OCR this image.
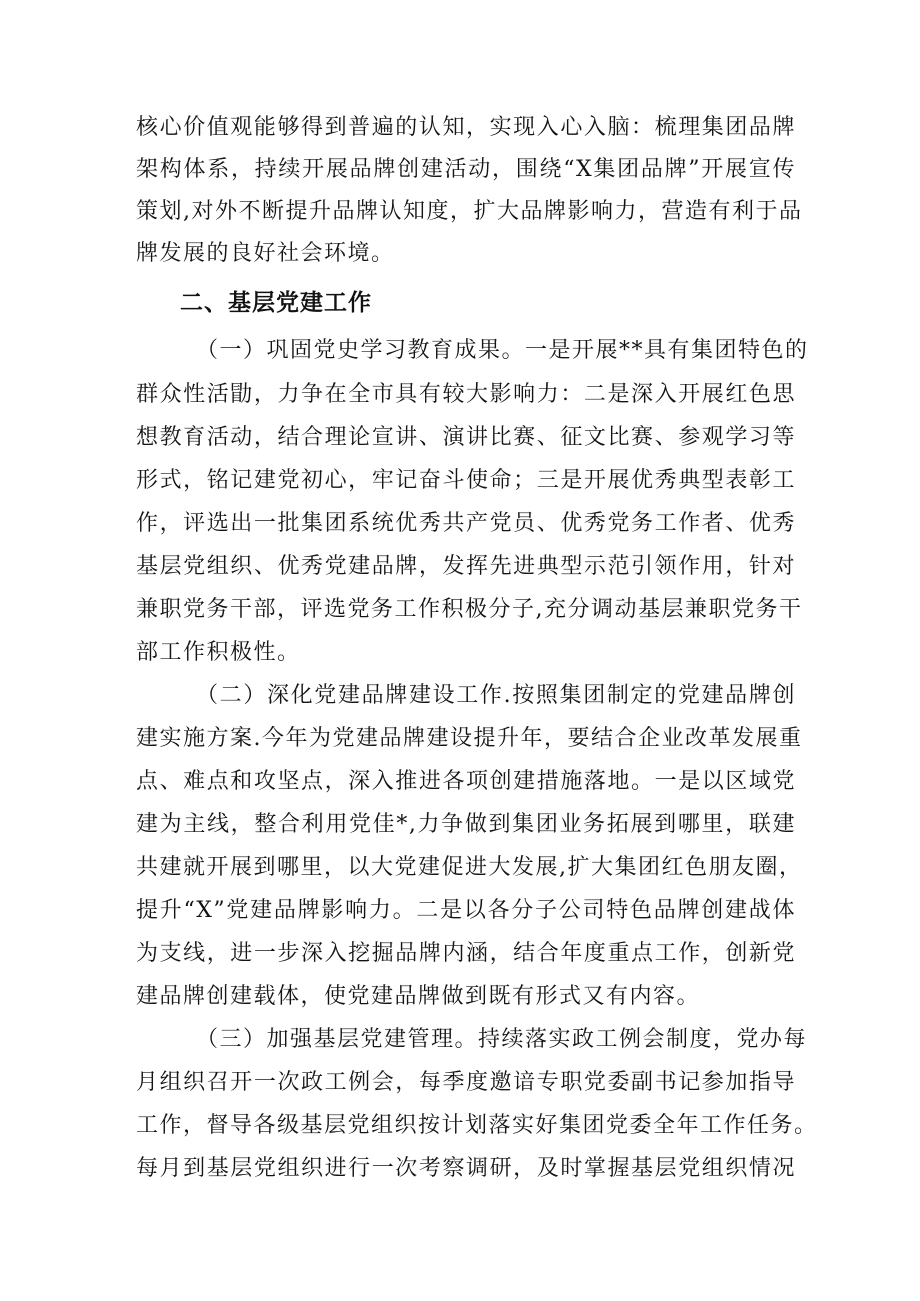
核心价值观能够得到普遍的认知，实现入心入脑：梳理集团品牌
架构体系，持续开展品牌创建活动，围绕“X集团品牌”开展宣传
策划,对外不断提升品牌认知度，扩大品牌影响力，营造有利于品
牌发展的良好社会环境。
二、基层党建工作
（一）巩固党史学习教育成果。一是开展**具有集团特色的
群众性活勖，力争在全市具有较大影响力：二是深入开展红色思
想教育活动，结合理论宣讲、演讲比赛、征文比赛、参观学习等
形式，铭记建党初心，牢记奋斗使命；三是开展优秀典型表彰工
作，评选出一批集团系统优秀共产党员、优秀党务工作者、优秀
基层党组织、优秀党建品牌，发挥先进典型示范引领作用，针对
兼职党务干部，评选党务工作积极分子,充分调动基层兼职党务干
部工作积极性。
（二）深化党建品牌建设工作.按照集团制定的党建品牌创
建实施方案.今年为党建品牌建设提升年，要结合企业改革发展重
点、难点和攻坚点，深入推进各项创建措施落地。一是以区域党
建为主线，整合利用党佳*,力争做到集团业务拓展到哪里，联建
共建就开展到哪里，以大党建促进大发展,扩大集团红色朋友圈，
提升“X”党建品牌影响力。二是以各分子公司特色品牌创建战体
为支线，进一步深入挖掘品牌内涵，结合年度重点工作，创新党
建品牌创建载体，使党建品牌做到既有形式又有内容。
（三）加强基层党建管理。持续落实政工例会制度，党办每
月组织召开一次政工例会，每季度邀谙专职党委副书记参加指导
工作，督导各级基层党组织按计划落实好集团党委全年工作任务。
每月到基层党组织进行一次考察调研，及时掌握基层党组织情况
